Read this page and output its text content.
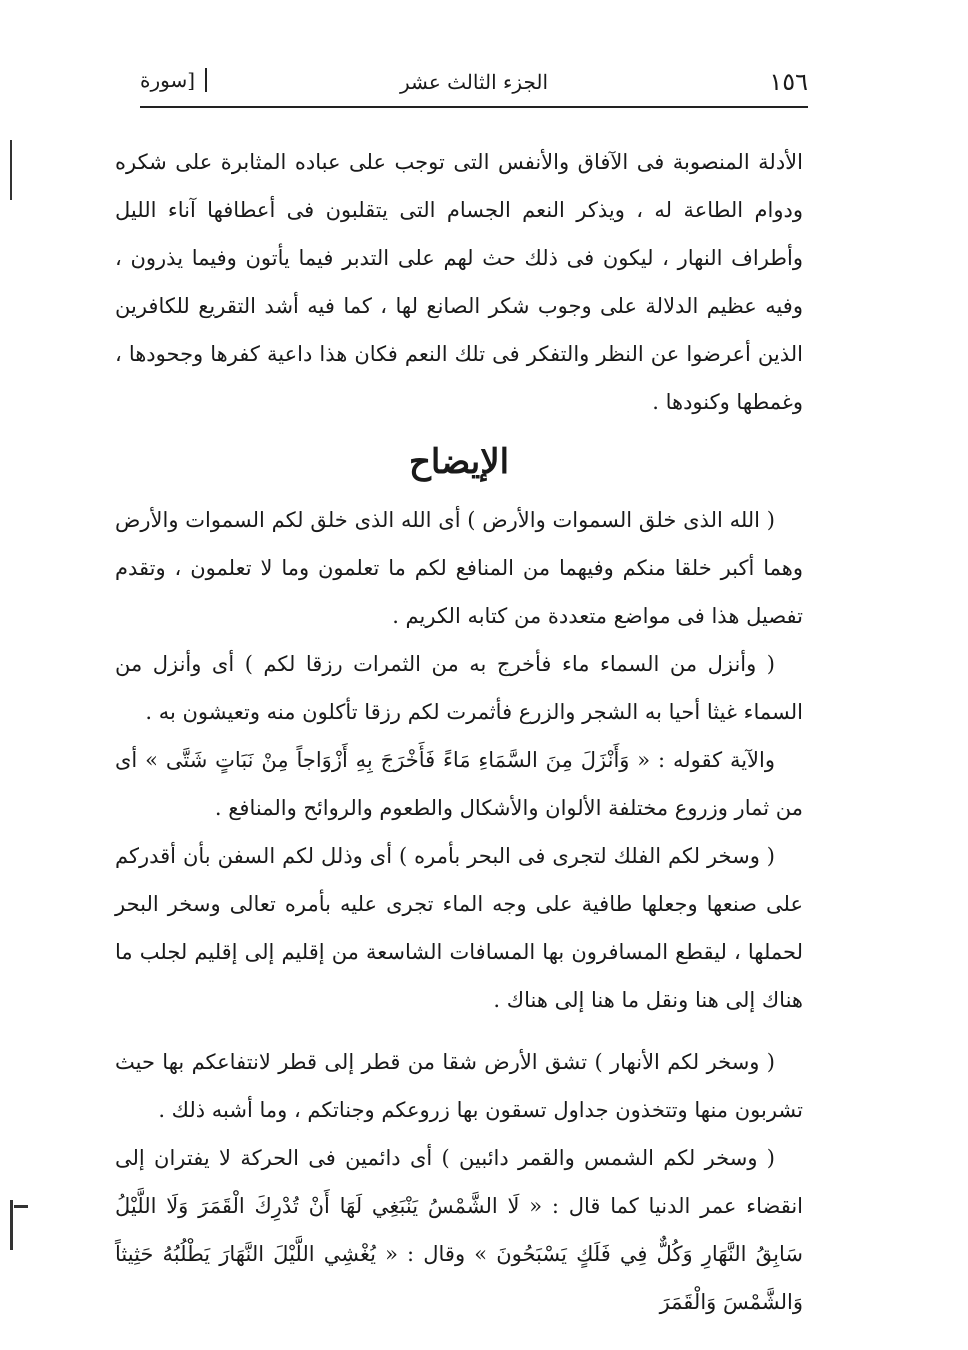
١٥٦
الجزء الثالث عشر
[سورة

الأدلة المنصوبة فى الآفاق والأنفس التى توجب على عباده المثابرة على شكره ودوام الطاعة له ، ويذكر النعم الجسام التى يتقلبون فى أعطافها آناء الليل وأطراف النهار ، ليكون فى ذلك حث لهم على التدبر فيما يأتون وفيما يذرون ، وفيه عظيم الدلالة على وجوب شكر الصانع لها ، كما فيه أشد التقريع للكافرين الذين أعرضوا عن النظر والتفكر فى تلك النعم فكان هذا داعية كفرها وجحودها ، وغمطها وكنودها .

الإيضاح

( الله الذى خلق السموات والأرض ) أى الله الذى خلق لكم السموات والأرض وهما أكبر خلقا منكم وفيهما من المنافع لكم ما تعلمون وما لا تعلمون ، وتقدم تفصيل هذا فى مواضع متعددة من كتابه الكريم .

( وأنزل من السماء ماء فأخرج به من الثمرات رزقا لكم ) أى وأنزل من السماء غيثا أحيا به الشجر والزرع فأثمرت لكم رزقا تأكلون منه وتعيشون به .

والآية كقوله : « وَأَنْزَلَ مِنَ السَّمَاءِ مَاءً فَأَخْرَجَ بِهِ أَزْوَاجاً مِنْ نَبَاتٍ شَتَّى » أى من ثمار وزروع مختلفة الألوان والأشكال والطعوم والروائح والمنافع .

( وسخر لكم الفلك لتجرى فى البحر بأمره ) أى وذلل لكم السفن بأن أقدركم على صنعها وجعلها طافية على وجه الماء تجرى عليه بأمره تعالى وسخر البحر لحملها ، ليقطع المسافرون بها المسافات الشاسعة من إقليم إلى إقليم لجلب ما هناك إلى هنا ونقل ما هنا إلى هناك .

( وسخر لكم الأنهار ) تشق الأرض شقا من قطر إلى قطر لانتفاعكم بها حيث تشربون منها وتتخذون جداول تسقون بها زروعكم وجناتكم ، وما أشبه ذلك .

( وسخر لكم الشمس والقمر دائبين ) أى دائمين فى الحركة لا يفتران إلى انقضاء عمر الدنيا كما قال : « لَا الشَّمْسُ يَنْبَغِي لَهَا أَنْ تُدْرِكَ الْقَمَرَ وَلَا اللَّيْلُ سَابِقُ النَّهَارِ وَكُلٌّ فِي فَلَكٍ يَسْبَحُونَ » وقال : « يُغْشِي اللَّيْلَ النَّهَارَ يَطْلُبُهُ حَثِيثاً وَالشَّمْسَ وَالْقَمَرَ
